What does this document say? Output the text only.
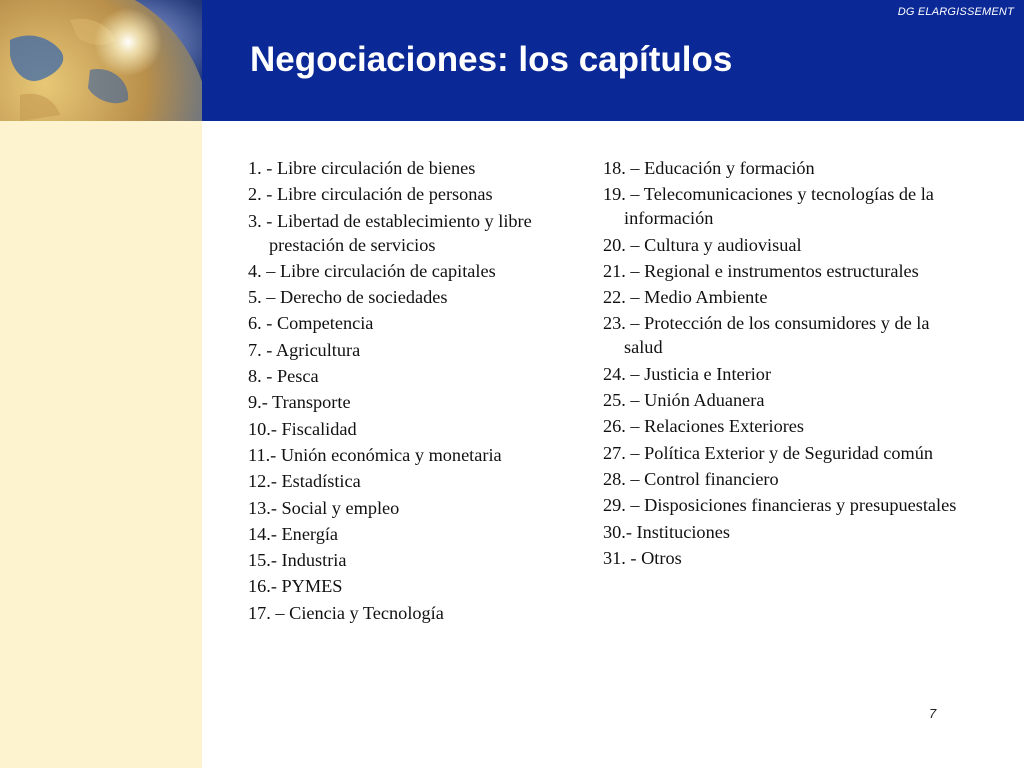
DG ELARGISSEMENT
Negociaciones: los capítulos
1. - Libre circulación de bienes
2. - Libre circulación de personas
3. - Libertad de establecimiento y libre prestación de servicios
4. – Libre circulación de capitales
5. – Derecho de sociedades
6. - Competencia
7. - Agricultura
8. - Pesca
9.- Transporte
10.- Fiscalidad
11.- Unión económica y monetaria
12.- Estadística
13.- Social y empleo
14.- Energía
15.- Industria
16.- PYMES
17. – Ciencia y Tecnología
18. – Educación y formación
19. – Telecomunicaciones y tecnologías de la información
20. – Cultura y audiovisual
21. – Regional e instrumentos estructurales
22. – Medio Ambiente
23. – Protección de los consumidores y de la salud
24. – Justicia e Interior
25. – Unión Aduanera
26. – Relaciones Exteriores
27. – Política Exterior y de Seguridad común
28. – Control financiero
29. – Disposiciones financieras y presupuestales
30.- Instituciones
31. - Otros
7
